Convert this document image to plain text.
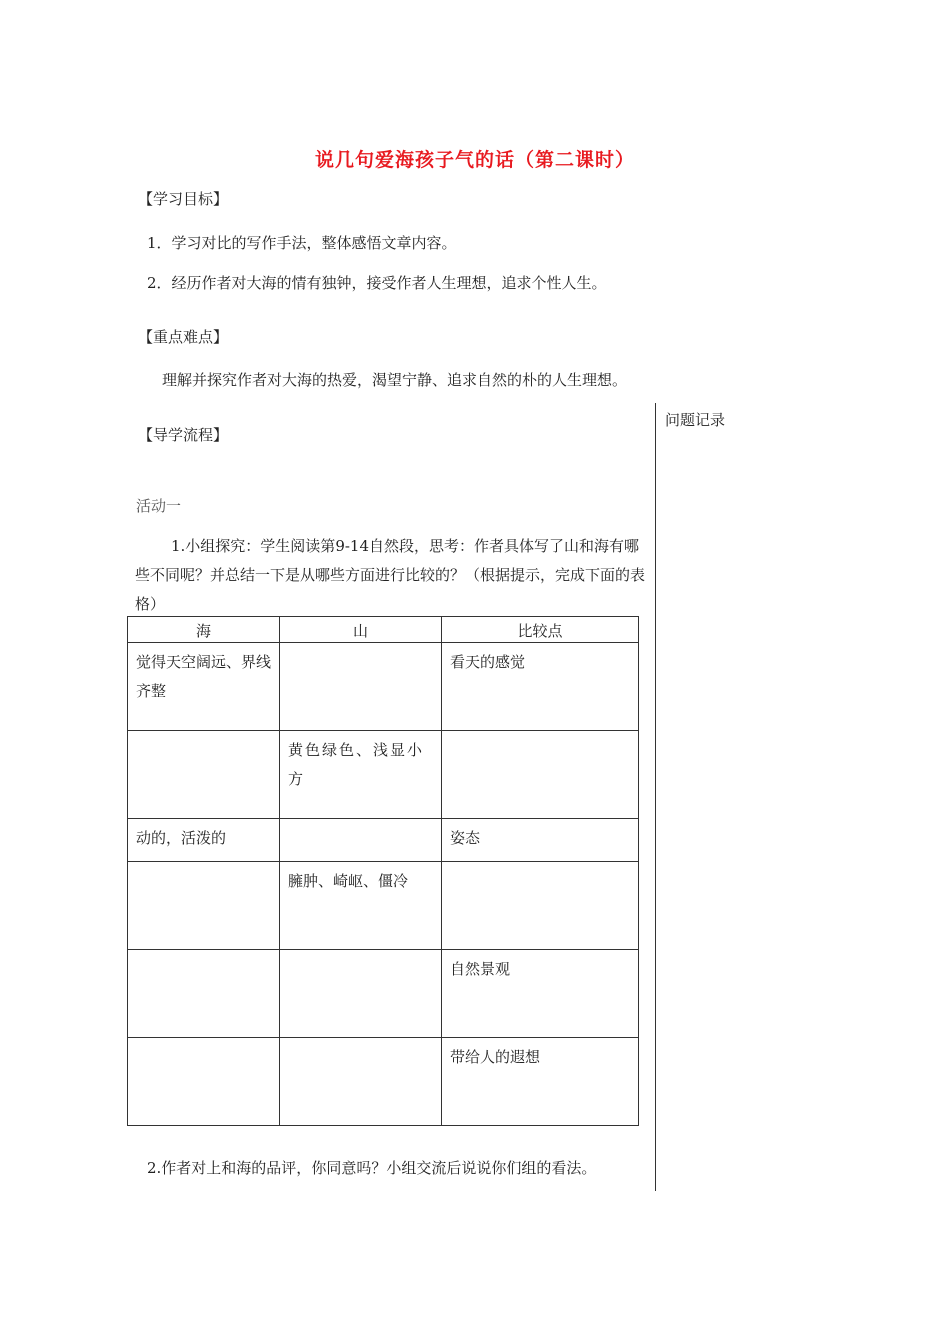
说几句爱海孩子气的话（第二课时）
【学习目标】
1．学习对比的写作手法，整体感悟文章内容。
2．经历作者对大海的情有独钟，接受作者人生理想，追求个性人生。
【重点难点】
理解并探究作者对大海的热爱，渴望宁静、追求自然的朴的人生理想。
问题记录
【导学流程】
活动一
1.小组探究：学生阅读第9-14自然段，思考：作者具体写了山和海有哪些不同呢？并总结一下是从哪些方面进行比较的？（根据提示，完成下面的表格）
海	山	比较点
觉得天空阔远、界线齐整		看天的感觉
	黄色绿色、浅显小方	
动的，活泼的		姿态
	臃肿、崎岖、僵冷	
		自然景观
		带给人的遐想
2.作者对上和海的品评，你同意吗？小组交流后说说你们组的看法。
